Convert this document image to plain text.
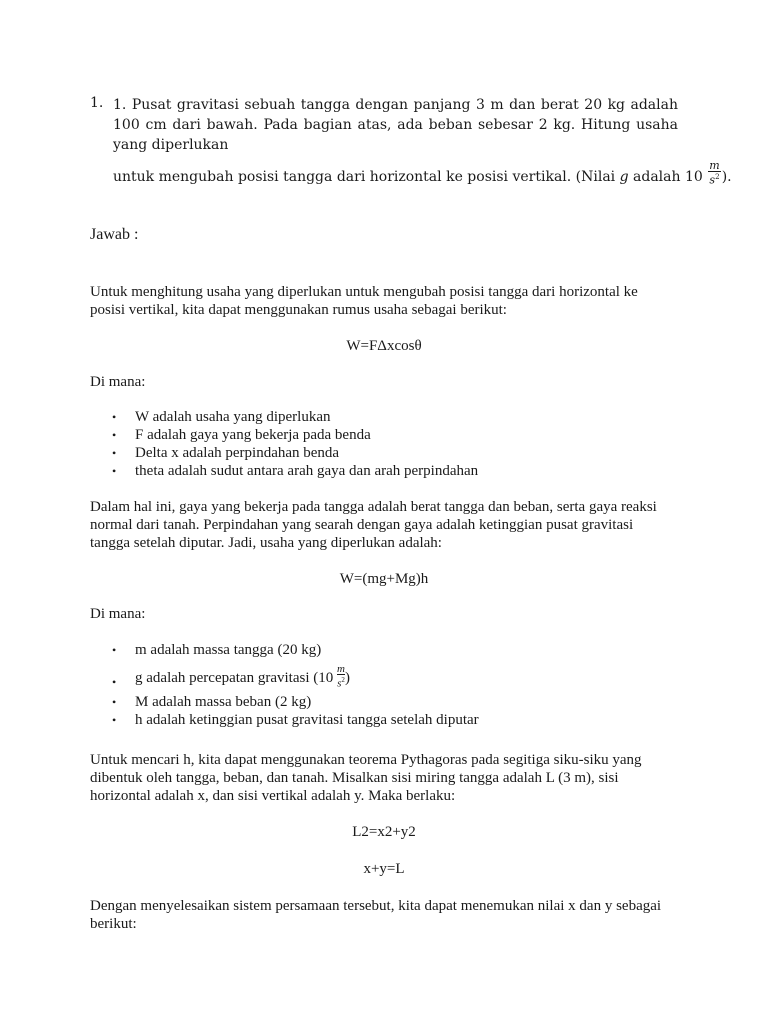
1. 1. Pusat gravitasi sebuah tangga dengan panjang 3 m dan berat 20 kg adalah 100 cm dari bawah. Pada bagian atas, ada beban sebesar 2 kg. Hitung usaha yang diperlukan
untuk mengubah posisi tangga dari horizontal ke posisi vertikal. (Nilai g adalah $10 \frac{m}{s^2}$ ).
Jawab :

Untuk menghitung usaha yang diperlukan untuk mengubah posisi tangga dari horizontal ke posisi vertikal, kita dapat menggunakan rumus usaha sebagai berikut:

W=FΔxcosθ

Di mana:

• W adalah usaha yang diperlukan
• F adalah gaya yang bekerja pada benda
• Delta x adalah perpindahan benda
• theta adalah sudut antara arah gaya dan arah perpindahan

Dalam hal ini, gaya yang bekerja pada tangga adalah berat tangga dan beban, serta gaya reaksi normal dari tanah. Perpindahan yang searah dengan gaya adalah ketinggian pusat gravitasi tangga setelah diputar. Jadi, usaha yang diperlukan adalah:

W=(mg+Mg)h

Di mana:

• m adalah massa tangga (20 kg)
• g adalah percepatan gravitasi ($10 \frac{m}{s^2}$ )
• M adalah massa beban (2 kg)
• h adalah ketinggian pusat gravitasi tangga setelah diputar

Untuk mencari h, kita dapat menggunakan teorema Pythagoras pada segitiga siku-siku yang dibentuk oleh tangga, beban, dan tanah. Misalkan sisi miring tangga adalah L (3 m), sisi horizontal adalah x, dan sisi vertikal adalah y. Maka berlaku:

L2=x2+y2
x+y=L

Dengan menyelesaikan sistem persamaan tersebut, kita dapat menemukan nilai x dan y sebagai berikut:
